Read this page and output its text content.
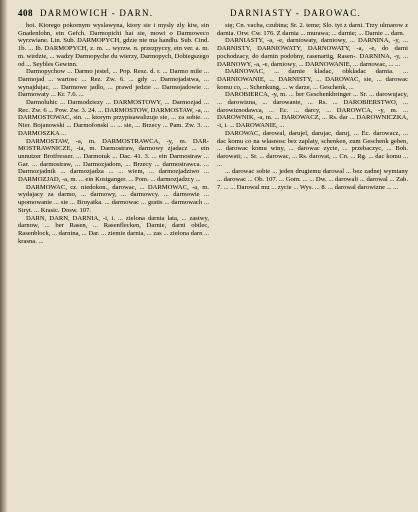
408 DARMOWICH - DARN.	DARNIASTY - DAROWAC.

hoi. Ktorego pokornym wyslawyna, ktory sie i mysly zly kiw, sin Gnadenlohn, ein Gefch. Darmopichi hai sie, mowi o Darmoweco wyrzwiane. Lin. Sub. DARMOPYCH, gdzie nie ma handlu. Sub. Cind. 1b. ... Ib. DARMOPYCH, z. m. ... wyrzw. n. przezpyczy, ein ver. a. m. m. wirdzie, ... wadzy Darmopyche du wierzy, Darmopych, Dobiegszego od ... Seybles Gewinn.

Darmopychow ... Darmo jestel, ... Pop. Resz. d. r. ... Darmo mile ... Darmojad ... wartosc ... Rez. Zw. 6. ... gdy ... Darmojadstwa, ... wynajdujac, ... Darmowe jadlo, ... prawd jedzie ... Darmojadowie ... Darmowaty ... Kr. 7.6. ...

Darmoluhic ... Darmodziezy ... DARMOSTOWY, ... Darmozjad ... Rec. Zw. 6 ... Pow. Zw. 3. 24. ... DARMOSTOW, DARMOSTAW, -a, ... DARMOSTOWAC, sin. ... ktorym przypisawalizuje sie, ... za sobie. ... Nier. Bojanowski ... Darmofonski ... ... sie, ... Brzecy ... Pam. Zw. 3. ... DARMOSZKA ...

DARMOSTAW, -a, m. DARMOSTRAWCA, -y, m. DAR- MOSTRAWNICZE, -ia, m. Darmostraw, darmowy zjadacz ... ein unnutzer Brotfresser. ... Darmotuk ... Dac. 41. 3. ... ein Darmostraw ... Gar. ... darmostraw, ... Darmozjadom, ... Brzecy ... darmostrawca. ... Darmozjadnik ... darmozjadza ... ... wiem, ... darmozjadztwo ... DARMOZJAD, -a, m. ... ein Kostganger. ... Pom. ... darmozjadzcy ...

DARMOWAC, cz. niedokon., darowac, ... DARMOWAC, -a, m. wydajacy za darmo, ... darmowy, ... darmowcy. ... darmowie ... upomowanie ... sie ... Bruyatka. ... darmowac ... gratis ... darmowach ... Stryt. ... Krasic. Dosw. 107.

DARN, DARN, DARNIA, -i, i. ... zielona darnia lata, ... zastwy, darnow, ... ber Rasen, ... Rasenflecken, Darnie, darni obtlec, Rasenblock, ... darnina, ... Dar. ... ziemie darnia, ... zas ... zielona darn ... krasna. ...

się; Cn. vacha, czubina; Sr. 2. teme; Slo. tyt z darni. Trzy ulmarow z darnia. Orw. Cw. 176. Z darnia ... murawa; ... darnie; ... Darnie ... darn.

DARNIASTY, -a, -e, darniowaty, darniowy, ... DARNINA, -y, ... DARNISTY, DARNIOWATY, DARNOWATY, -a, -e, do darni pochodzacy, do darnin podobny, rasenartig, Rasen-. DARNINA, -y, ... DARNOWY, -a, -e, darniowy, ... DARNOWANIE, ... darnowac, ... ...

DARNOWAC, ... darnie kladac, obkladac darnia. ... DARNIOWANIE, ... DARNISTY, ... DAROWAC, sie, ... darowac komu co, ... Schenkung, ... w darze, ... Geschenk, ...

DAROBIERCA, -y, m. ... ber Geschenkbringer ... Sr. ... darowujacy, ... darowizna, ... darowanie, ... Rs. ... DAROBIERSTWO, ... darowiznodawca, ... Ec. ... darcy, ... DAROWCA, -y, m. ... DAROWNIK, -a, m. ... DAROWACZ, ... Rs. dar ... DAROWNICZKA, -i, i. ... DAROWANIE, ...

DAROWAC, darowal, darujel, darujac, daruj, ... Ec. darowacz, ... dac komu co na wlasnosc bez zaplaty, schenken, zum Geschenk geben, ... darowac komu winy, ... darowac zycie, ... przebaczyc, ... Boh. darowati; ... Sr. ... darowac, ... Rs. darovat, ... Cn. ... Rg. ... dac komu ... ...

... darowac sobie ... jeden drugiemu darowal ... bez zadnej wymiany ... darowac ... Ob. 107. ... Gorn. ... ... Dw. ... darowali ... darowal ... Zab. 7. ... ... Darowal mu ... zycie ... Wys. ... 8. ... darowal darowizne ... ...
